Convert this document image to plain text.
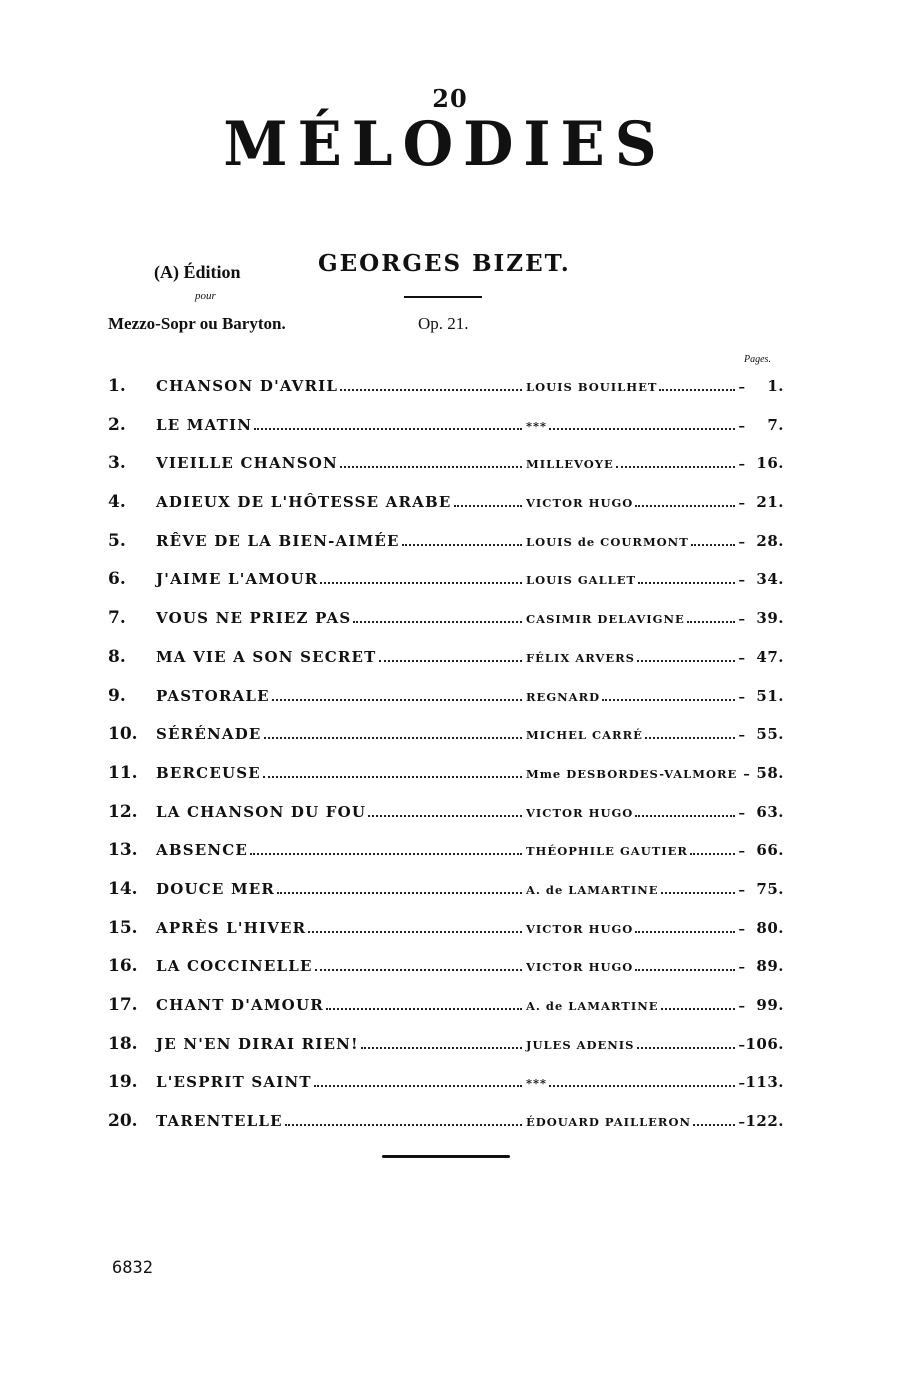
20
MÉLODIES
(A) Édition
pour
Mezzo-Sopr ou Baryton.
GEORGES BIZET.
Op. 21.
Pages.
1. CHANSON D'AVRIL	LOUIS BOUILHET	– 1.
2. LE MATIN	***	– 7.
3. VIEILLE CHANSON	MILLEVOYE	– 16.
4. ADIEUX DE L'HÔTESSE ARABE	VICTOR HUGO	– 21.
5. RÊVE DE LA BIEN-AIMÉE	LOUIS de COURMONT	– 28.
6. J'AIME L'AMOUR	LOUIS GALLET	– 34.
7. VOUS NE PRIEZ PAS	CASIMIR DELAVIGNE	– 39.
8. MA VIE A SON SECRET	FÉLIX ARVERS	– 47.
9. PASTORALE	REGNARD	– 51.
10. SÉRÉNADE	MICHEL CARRÉ	– 55.
11. BERCEUSE	Mme DESBORDES-VALMORE – 58.
12. LA CHANSON DU FOU	VICTOR HUGO	– 63.
13. ABSENCE	THÉOPHILE GAUTIER	– 66.
14. DOUCE MER	A. de LAMARTINE	– 75.
15. APRÈS L'HIVER	VICTOR HUGO	– 80.
16. LA COCCINELLE	VICTOR HUGO	– 89.
17. CHANT D'AMOUR	A. de LAMARTINE	– 99.
18. JE N'EN DIRAI RIEN!	JULES ADENIS	– 106.
19. L'ESPRIT SAINT	***	– 113.
20. TARENTELLE	ÉDOUARD PAILLERON	– 122.
6832
